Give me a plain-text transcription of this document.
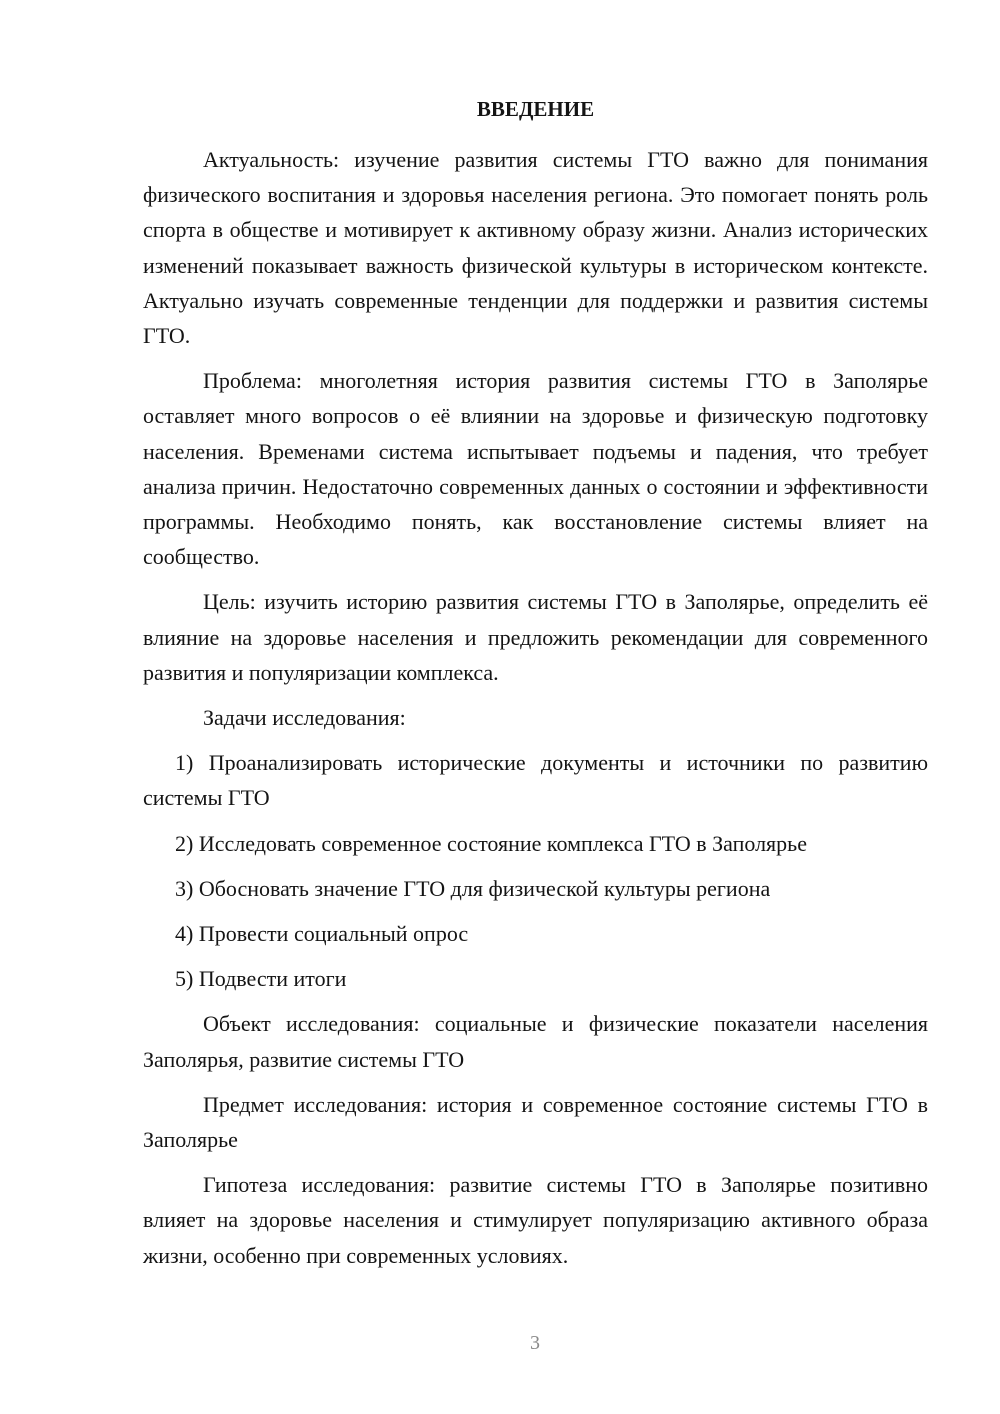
ВВЕДЕНИЕ

Актуальность: изучение развития системы ГТО важно для понимания физического воспитания и здоровья населения региона. Это помогает понять роль спорта в обществе и мотивирует к активному образу жизни. Анализ исторических изменений показывает важность физической культуры в историческом контексте. Актуально изучать современные тенденции для поддержки и развития системы ГТО.

Проблема: многолетняя история развития системы ГТО в Заполярье оставляет много вопросов о её влиянии на здоровье и физическую подготовку населения. Временами система испытывает подъемы и падения, что требует анализа причин. Недостаточно современных данных о состоянии и эффективности программы. Необходимо понять, как восстановление системы влияет на сообщество.

Цель: изучить историю развития системы ГТО в Заполярье, определить её влияние на здоровье населения и предложить рекомендации для современного развития и популяризации комплекса.

Задачи исследования:

1) Проанализировать исторические документы и источники по развитию системы ГТО

2) Исследовать современное состояние комплекса ГТО в Заполярье

3) Обосновать значение ГТО для физической культуры региона

4) Провести социальный опрос

5) Подвести итоги

Объект исследования: социальные и физические показатели населения Заполярья, развитие системы ГТО

Предмет исследования: история и современное состояние системы ГТО в Заполярье

Гипотеза исследования: развитие системы ГТО в Заполярье позитивно влияет на здоровье населения и стимулирует популяризацию активного образа жизни, особенно при современных условиях.

3
